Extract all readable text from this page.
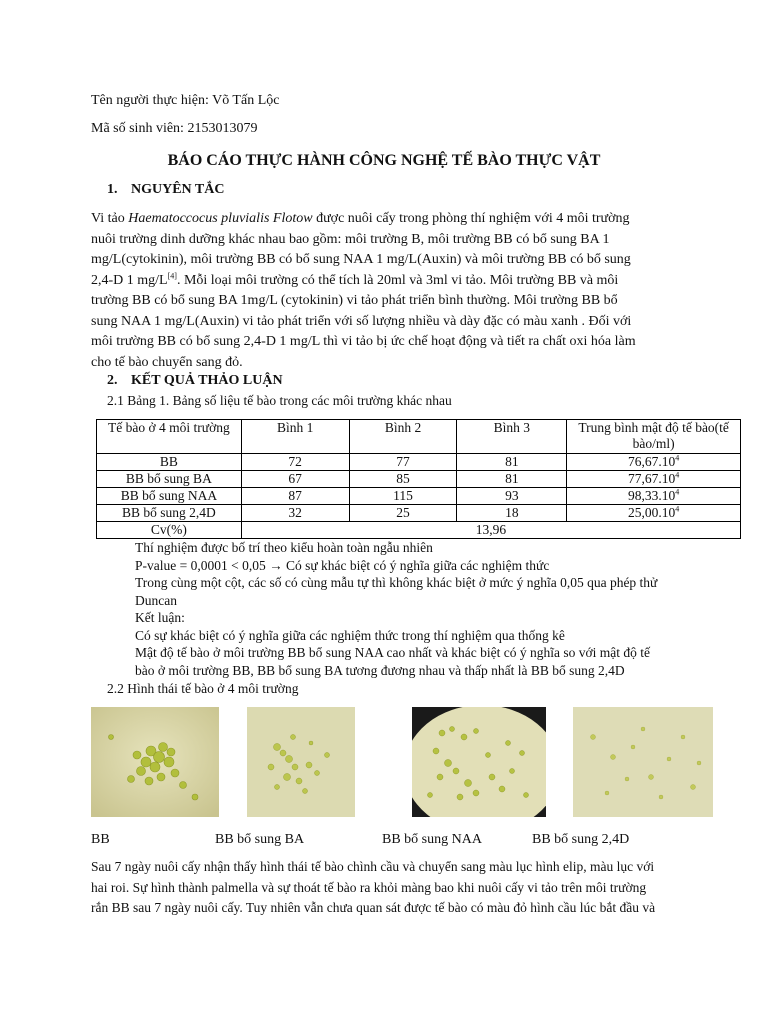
Tên người thực hiện: Võ Tấn Lộc
Mã số sinh viên: 2153013079
BÁO CÁO THỰC HÀNH CÔNG NGHỆ TẾ BÀO THỰC VẬT
1. NGUYÊN TẮC
Vi tảo Haematoccocus pluvialis Flotow được nuôi cấy trong phòng thí nghiệm với 4 môi trường
nuôi trường dinh dưỡng khác nhau bao gồm: môi trường B, môi trường BB có bổ sung BA 1
mg/L(cytokinin), môi trường BB có bổ sung NAA 1 mg/L(Auxin) và môi trường BB có bổ sung
2,4-D 1 mg/L[4]. Mỗi loại môi trường có thể tích là 20ml và 3ml vi tảo. Môi trường BB và môi
trường BB có bổ sung BA 1mg/L (cytokinin) vi tảo phát triển bình thường. Môi trường BB bổ
sung NAA 1 mg/L(Auxin) vi tảo phát triển với số lượng nhiều và dày đặc có màu xanh . Đối với
môi trường BB có bổ sung 2,4-D 1 mg/L thì vi tảo bị ức chế hoạt động và tiết ra chất oxi hóa làm
cho tế bào chuyển sang đỏ.
2. KẾT QUẢ THẢO LUẬN
2.1 Bảng 1. Bảng số liệu tế bào trong các môi trường khác nhau
Tế bào ở 4 môi trường	Bình 1	Bình 2	Bình 3	Trung bình mật độ tế bào(tế bào/ml)
BB	72	77	81	76,67.10$^4$
BB bổ sung BA	67	85	81	77,67.10$^4$
BB bổ sung NAA	87	115	93	98,33.10$^4$
BB bổ sung 2,4D	32	25	18	25,00.10$^4$
Cv(%)	13,96			
Thí nghiệm được bố trí theo kiểu hoàn toàn ngẫu nhiên
P-value = 0,0001 < 0,05 → Có sự khác biệt có ý nghĩa giữa các nghiệm thức
Trong cùng một cột, các số có cùng mẫu tự thì không khác biệt ở mức ý nghĩa 0,05 qua phép thử
Duncan
Kết luận:
Có sự khác biệt có ý nghĩa giữa các nghiệm thức trong thí nghiệm qua thống kê
Mật độ tế bào ở môi trường BB bổ sung NAA cao nhất và khác biệt có ý nghĩa so với mật độ tế
bào ở môi trường BB, BB bổ sung BA tương đương nhau và thấp nhất là BB bổ sung 2,4D
2.2 Hình thái tế bào ở 4 môi trường
BB	BB bổ sung BA	BB bổ sung NAA	BB bổ sung 2,4D
Sau 7 ngày nuôi cấy nhận thấy hình thái tế bào chình cầu và chuyển sang màu lục hình elip, màu lục với
hai roi. Sự hình thành palmella và sự thoát tế bào ra khỏi màng bao khi nuôi cấy vi tảo trên môi trường
rắn BB sau 7 ngày nuôi cấy. Tuy nhiên vẫn chưa quan sát được tế bào có màu đỏ hình cầu lúc bắt đầu và
